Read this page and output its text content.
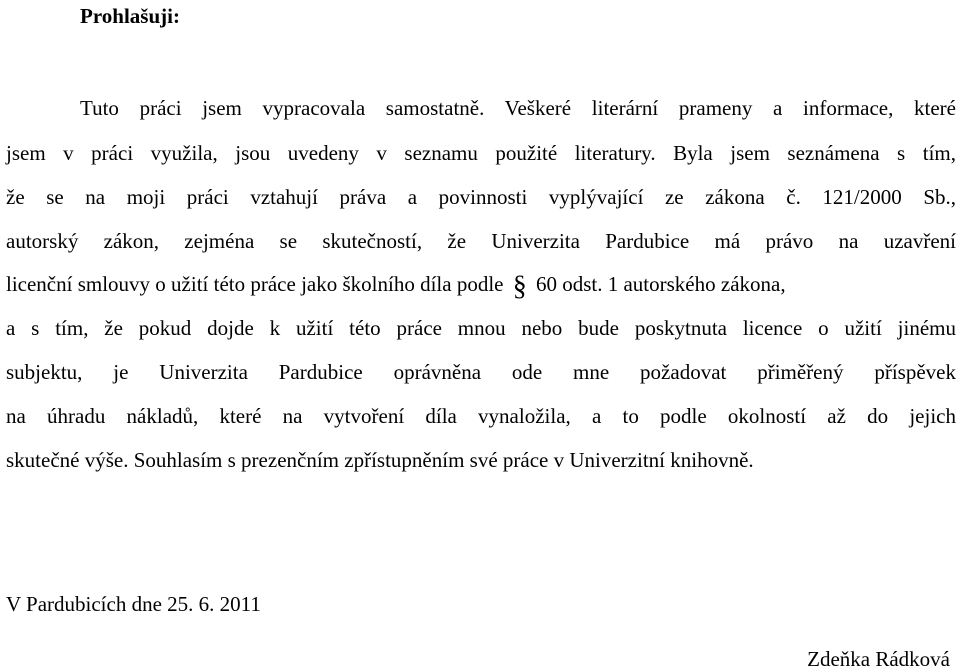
Prohlašuji:
Tuto práci jsem vypracovala samostatně. Veškeré literární prameny a informace, které
jsem v práci využila, jsou uvedeny v seznamu použité literatury. Byla jsem seznámena s tím,
že se na moji práci vztahují práva a povinnosti vyplývající ze zákona č. 121/2000 Sb.,
autorský zákon, zejména se skutečností, že Univerzita Pardubice má právo na uzavření
licenční smlouvy o užití této práce jako školního díla podle § 60 odst. 1 autorského zákona,
a s tím, že pokud dojde k užití této práce mnou nebo bude poskytnuta licence o užití jinému
subjektu, je Univerzita Pardubice oprávněna ode mne požadovat přiměřený příspěvek
na úhradu nákladů, které na vytvoření díla vynaložila, a to podle okolností až do jejich
skutečné výše. Souhlasím s prezenčním zpřístupněním své práce v Univerzitní knihovně.
V Pardubicích dne 25. 6. 2011
Zdeňka Rádková
